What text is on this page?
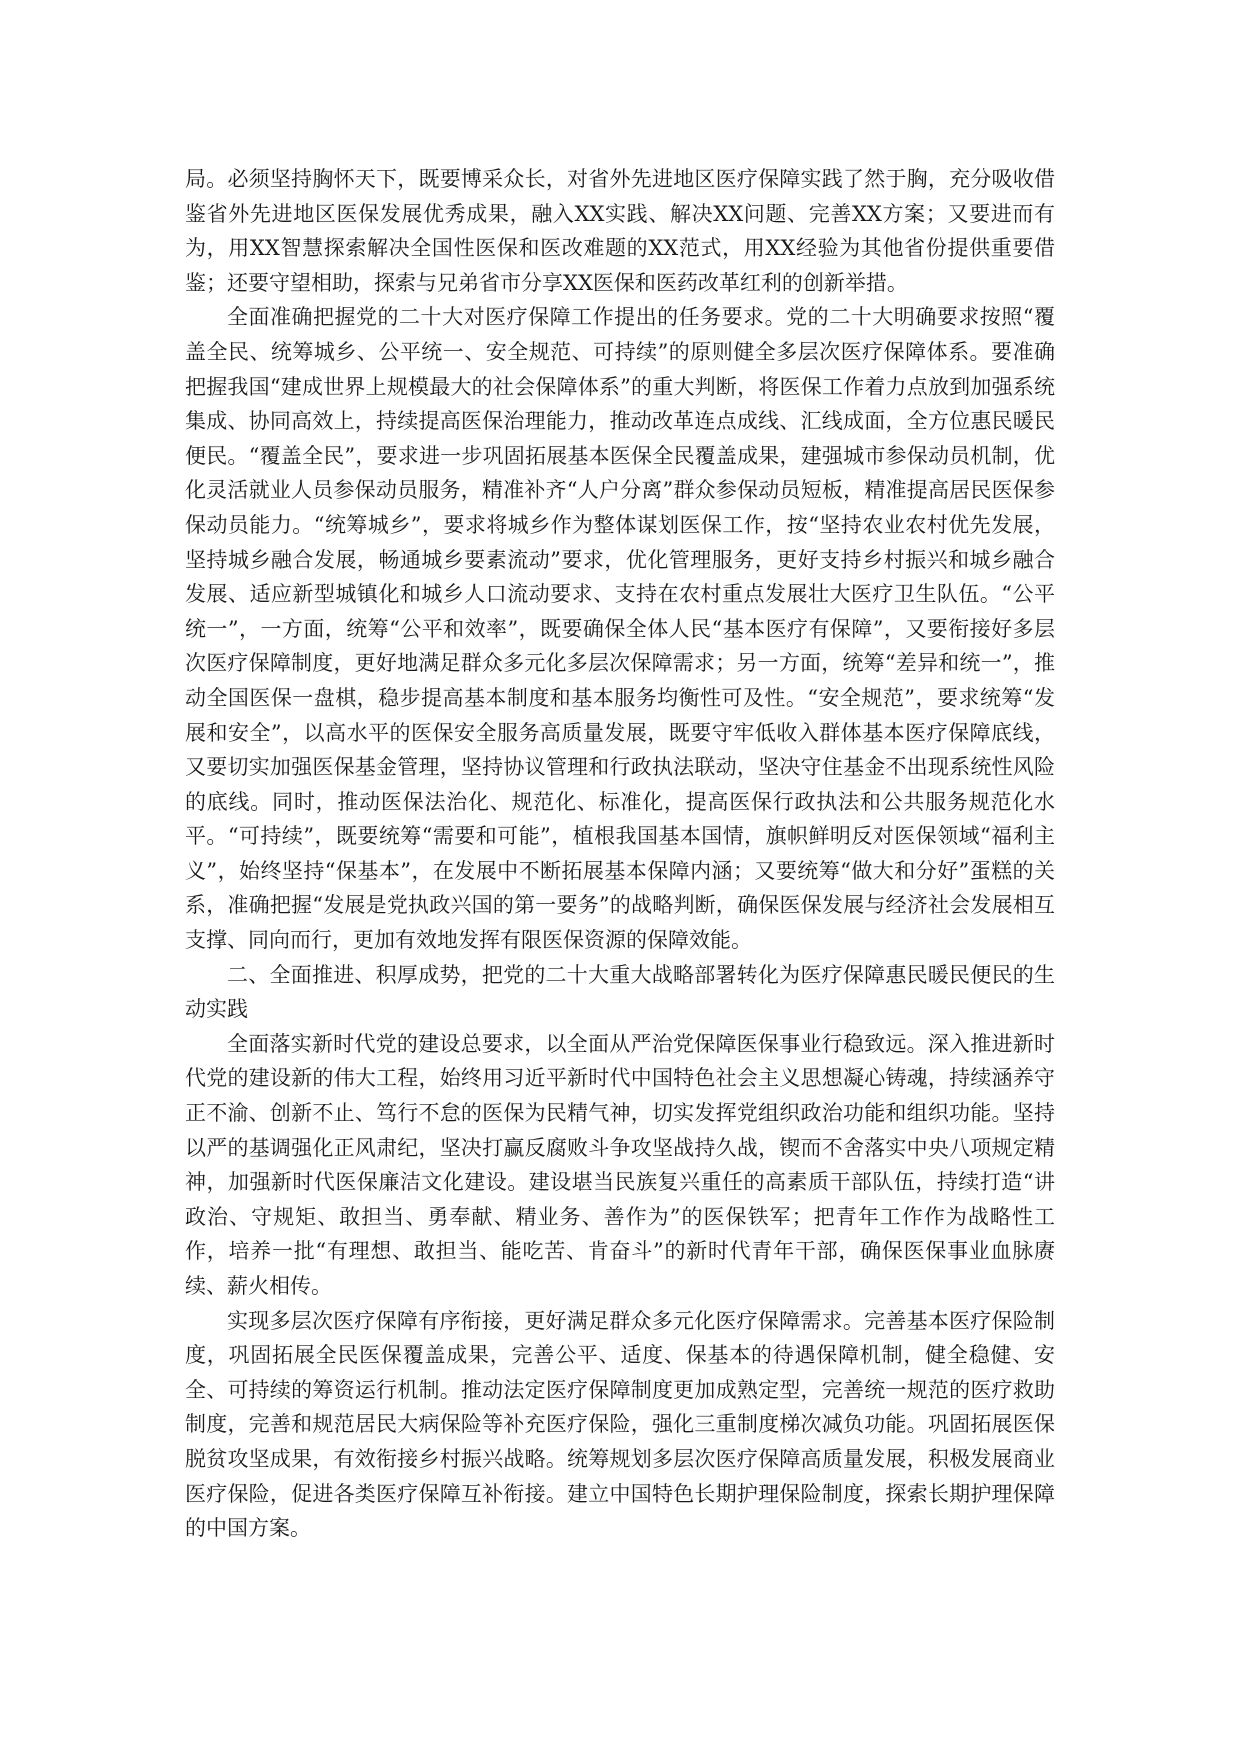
局。必须坚持胸怀天下，既要博采众长，对省外先进地区医疗保障实践了然于胸，充分吸收借鉴省外先进地区医保发展优秀成果，融入XX实践、解决XX问题、完善XX方案；又要进而有为，用XX智慧探索解决全国性医保和医改难题的XX范式，用XX经验为其他省份提供重要借鉴；还要守望相助，探索与兄弟省市分享XX医保和医药改革红利的创新举措。

全面准确把握党的二十大对医疗保障工作提出的任务要求。党的二十大明确要求按照“覆盖全民、统筹城乡、公平统一、安全规范、可持续”的原则健全多层次医疗保障体系。要准确把握我国“建成世界上规模最大的社会保障体系”的重大判断，将医保工作着力点放到加强系统集成、协同高效上，持续提高医保治理能力，推动改革连点成线、汇线成面，全方位惠民暖民便民。“覆盖全民”，要求进一步巩固拓展基本医保全民覆盖成果，建强城市参保动员机制，优化灵活就业人员参保动员服务，精准补齐“人户分离”群众参保动员短板，精准提高居民医保参保动员能力。“统筹城乡”，要求将城乡作为整体谋划医保工作，按“坚持农业农村优先发展，坚持城乡融合发展，畅通城乡要素流动”要求，优化管理服务，更好支持乡村振兴和城乡融合发展、适应新型城镇化和城乡人口流动要求、支持在农村重点发展壮大医疗卫生队伍。“公平统一”，一方面，统筹“公平和效率”，既要确保全体人民“基本医疗有保障”，又要衔接好多层次医疗保障制度，更好地满足群众多元化多层次保障需求；另一方面，统筹“差异和统一”，推动全国医保一盘棋，稳步提高基本制度和基本服务均衡性可及性。“安全规范”，要求统筹“发展和安全”，以高水平的医保安全服务高质量发展，既要守牢低收入群体基本医疗保障底线，又要切实加强医保基金管理，坚持协议管理和行政执法联动，坚决守住基金不出现系统性风险的底线。同时，推动医保法治化、规范化、标准化，提高医保行政执法和公共服务规范化水平。“可持续”，既要统筹“需要和可能”，植根我国基本国情，旗帜鲜明反对医保领域“福利主义”，始终坚持“保基本”，在发展中不断拓展基本保障内涵；又要统筹“做大和分好”蛋糕的关系，准确把握“发展是党执政兴国的第一要务”的战略判断，确保医保发展与经济社会发展相互支撑、同向而行，更加有效地发挥有限医保资源的保障效能。

二、全面推进、积厚成势，把党的二十大重大战略部署转化为医疗保障惠民暖民便民的生动实践

全面落实新时代党的建设总要求，以全面从严治党保障医保事业行稳致远。深入推进新时代党的建设新的伟大工程，始终用习近平新时代中国特色社会主义思想凝心铸魂，持续涵养守正不渝、创新不止、笃行不怠的医保为民精气神，切实发挥党组织政治功能和组织功能。坚持以严的基调强化正风肃纪，坚决打赢反腐败斗争攻坚战持久战，锲而不舍落实中央八项规定精神，加强新时代医保廉洁文化建设。建设堪当民族复兴重任的高素质干部队伍，持续打造“讲政治、守规矩、敢担当、勇奉献、精业务、善作为”的医保铁军；把青年工作作为战略性工作，培养一批“有理想、敢担当、能吃苦、肯奋斗”的新时代青年干部，确保医保事业血脉赓续、薪火相传。

实现多层次医疗保障有序衔接，更好满足群众多元化医疗保障需求。完善基本医疗保险制度，巩固拓展全民医保覆盖成果，完善公平、适度、保基本的待遇保障机制，健全稳健、安全、可持续的筹资运行机制。推动法定医疗保障制度更加成熟定型，完善统一规范的医疗救助制度，完善和规范居民大病保险等补充医疗保险，强化三重制度梯次减负功能。巩固拓展医保脱贫攻坚成果，有效衔接乡村振兴战略。统筹规划多层次医疗保障高质量发展，积极发展商业医疗保险，促进各类医疗保障互补衔接。建立中国特色长期护理保险制度，探索长期护理保障的中国方案。
